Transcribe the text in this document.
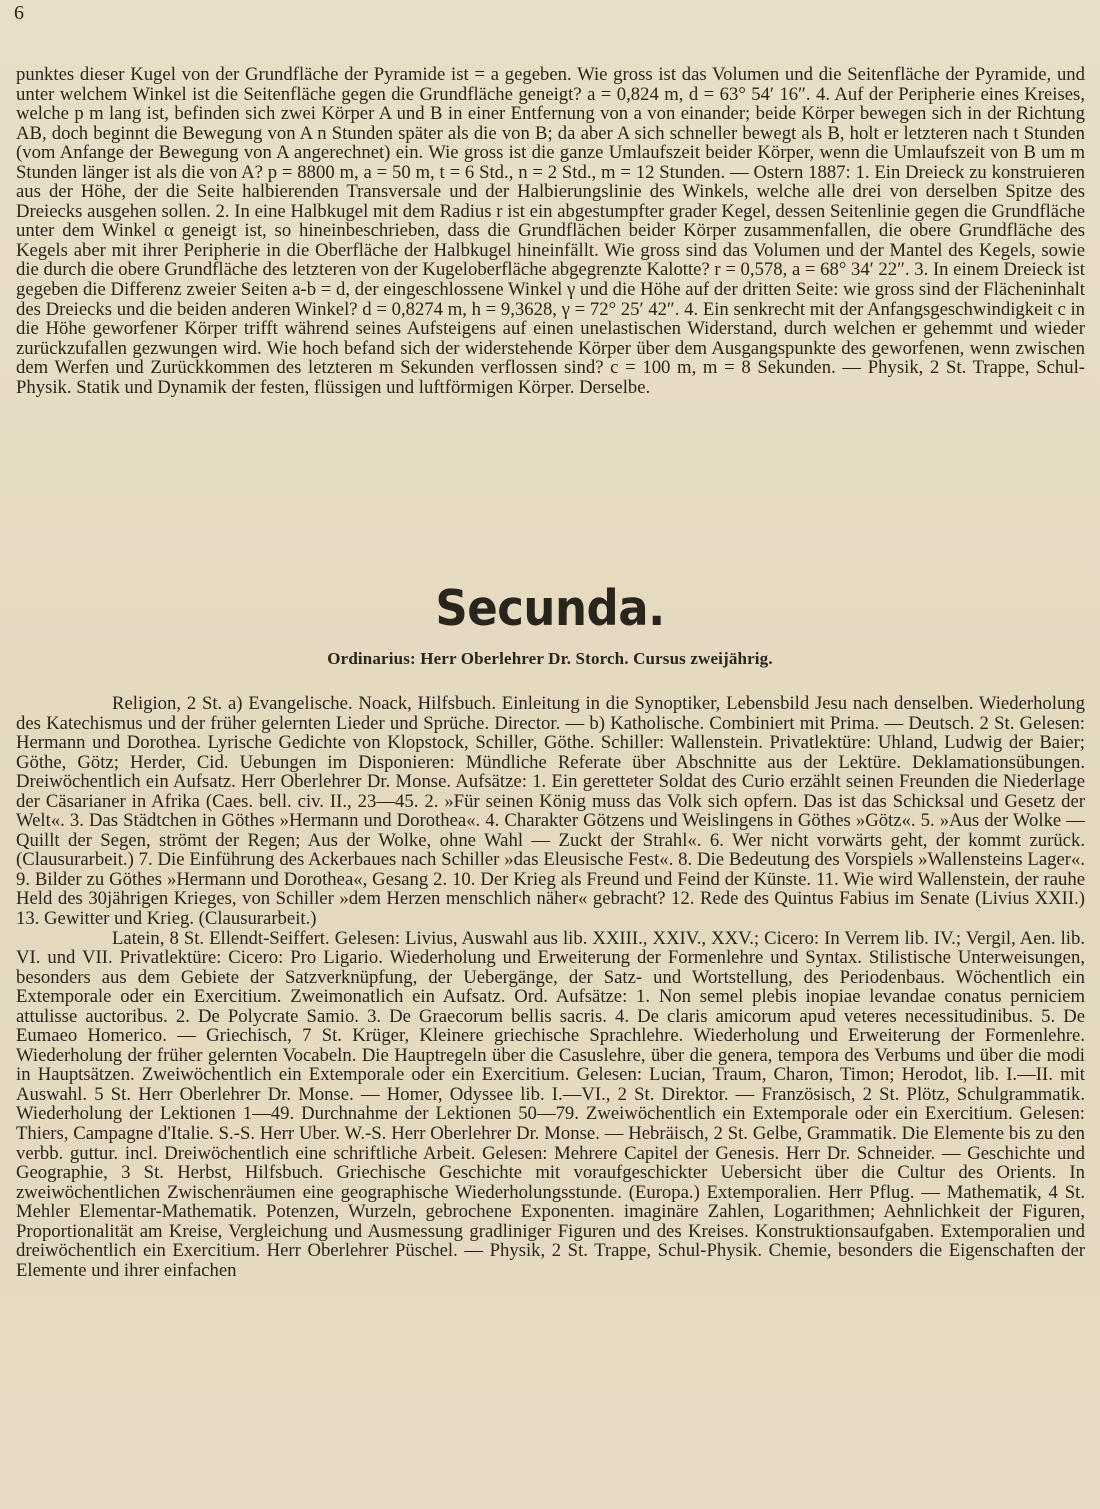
6

punktes dieser Kugel von der Grundfläche der Pyramide ist = a gegeben. Wie gross ist das Volumen und die Seitenfläche der Pyramide, und unter welchem Winkel ist die Seitenfläche gegen die Grundfläche geneigt? a = 0,824 m, d = 63° 54′ 16″. 4. Auf der Peripherie eines Kreises, welche p m lang ist, befinden sich zwei Körper A und B in einer Entfernung von a von einander; beide Körper bewegen sich in der Richtung AB, doch beginnt die Bewegung von A n Stunden später als die von B; da aber A sich schneller bewegt als B, holt er letzteren nach t Stunden (vom Anfange der Bewegung von A angerechnet) ein. Wie gross ist die ganze Umlaufszeit beider Körper, wenn die Umlaufszeit von B um m Stunden länger ist als die von A? p = 8800 m, a = 50 m, t = 6 Std., n = 2 Std., m = 12 Stunden. — Ostern 1887: 1. Ein Dreieck zu konstruieren aus der Höhe, der die Seite halbierenden Transversale und der Halbierungslinie des Winkels, welche alle drei von derselben Spitze des Dreiecks ausgehen sollen. 2. In eine Halbkugel mit dem Radius r ist ein abgestumpfter grader Kegel, dessen Seitenlinie gegen die Grundfläche unter dem Winkel α geneigt ist, so hineinbeschrieben, dass die Grundflächen beider Körper zusammenfallen, die obere Grundfläche des Kegels aber mit ihrer Peripherie in die Oberfläche der Halbkugel hineinfällt. Wie gross sind das Volumen und der Mantel des Kegels, sowie die durch die obere Grundfläche des letzteren von der Kugeloberfläche abgegrenzte Kalotte? r = 0,578, a = 68° 34′ 22″. 3. In einem Dreieck ist gegeben die Differenz zweier Seiten a-b = d, der eingeschlossene Winkel γ und die Höhe auf der dritten Seite: wie gross sind der Flächeninhalt des Dreiecks und die beiden anderen Winkel? d = 0,8274 m, h = 9,3628, γ = 72° 25′ 42″. 4. Ein senkrecht mit der Anfangsgeschwindigkeit c in die Höhe geworfener Körper trifft während seines Aufsteigens auf einen unelastischen Widerstand, durch welchen er gehemmt und wieder zurückzufallen gezwungen wird. Wie hoch befand sich der widerstehende Körper über dem Ausgangspunkte des geworfenen, wenn zwischen dem Werfen und Zurückkommen des letzteren m Sekunden verflossen sind? c = 100 m, m = 8 Sekunden. — Physik, 2 St. Trappe, Schul-Physik. Statik und Dynamik der festen, flüssigen und luftförmigen Körper. Derselbe.

Secunda.
Ordinarius: Herr Oberlehrer Dr. Storch. Cursus zweijährig.

Religion, 2 St. a) Evangelische. Noack, Hilfsbuch. Einleitung in die Synoptiker, Lebensbild Jesu nach denselben. Wiederholung des Katechismus und der früher gelernten Lieder und Sprüche. Director. — b) Katholische. Combiniert mit Prima. — Deutsch. 2 St. Gelesen: Hermann und Dorothea. Lyrische Gedichte von Klopstock, Schiller, Göthe. Schiller: Wallenstein. Privatlektüre: Uhland, Ludwig der Baier; Göthe, Götz; Herder, Cid. Uebungen im Disponieren: Mündliche Referate über Abschnitte aus der Lektüre. Deklamationsübungen. Dreiwöchentlich ein Aufsatz. Herr Oberlehrer Dr. Monse. Aufsätze: 1. Ein geretteter Soldat des Curio erzählt seinen Freunden die Niederlage der Cäsarianer in Afrika (Caes. bell. civ. II., 23—45. 2. »Für seinen König muss das Volk sich opfern. Das ist das Schicksal und Gesetz der Welt«. 3. Das Städtchen in Göthes »Hermann und Dorothea«. 4. Charakter Götzens und Weislingens in Göthes »Götz«. 5. »Aus der Wolke — Quillt der Segen, strömt der Regen; Aus der Wolke, ohne Wahl — Zuckt der Strahl«. 6. Wer nicht vorwärts geht, der kommt zurück. (Clausurarbeit.) 7. Die Einführung des Ackerbaues nach Schiller »das Eleusische Fest«. 8. Die Bedeutung des Vorspiels »Wallensteins Lager«. 9. Bilder zu Göthes »Hermann und Dorothea«, Gesang 2. 10. Der Krieg als Freund und Feind der Künste. 11. Wie wird Wallenstein, der rauhe Held des 30jährigen Krieges, von Schiller »dem Herzen menschlich näher« gebracht? 12. Rede des Quintus Fabius im Senate (Livius XXII.) 13. Gewitter und Krieg. (Clausurarbeit.)

Latein, 8 St. Ellendt-Seiffert. Gelesen: Livius, Auswahl aus lib. XXIII., XXIV., XXV.; Cicero: In Verrem lib. IV.; Vergil, Aen. lib. VI. und VII. Privatlektüre: Cicero: Pro Ligario. Wiederholung und Erweiterung der Formenlehre und Syntax. Stilistische Unterweisungen, besonders aus dem Gebiete der Satzverknüpfung, der Uebergänge, der Satz- und Wortstellung, des Periodenbaus. Wöchentlich ein Extemporale oder ein Exercitium. Zweimonatlich ein Aufsatz. Ord. Aufsätze: 1. Non semel plebis inopiae levandae conatus perniciem attulisse auctoribus. 2. De Polycrate Samio. 3. De Graecorum bellis sacris. 4. De claris amicorum apud veteres necessitudinibus. 5. De Eumaeo Homerico. — Griechisch, 7 St. Krüger, Kleinere griechische Sprachlehre. Wiederholung und Erweiterung der Formenlehre. Wiederholung der früher gelernten Vocabeln. Die Hauptregeln über die Casuslehre, über die genera, tempora des Verbums und über die modi in Hauptsätzen. Zweiwöchentlich ein Extemporale oder ein Exercitium. Gelesen: Lucian, Traum, Charon, Timon; Herodot, lib. I.—II. mit Auswahl. 5 St. Herr Oberlehrer Dr. Monse. — Homer, Odyssee lib. I.—VI., 2 St. Direktor. — Französisch, 2 St. Plötz, Schulgrammatik. Wiederholung der Lektionen 1—49. Durchnahme der Lektionen 50—79. Zweiwöchentlich ein Extemporale oder ein Exercitium. Gelesen: Thiers, Campagne d'Italie. S.-S. Herr Uber. W.-S. Herr Oberlehrer Dr. Monse. — Hebräisch, 2 St. Gelbe, Grammatik. Die Elemente bis zu den verbb. guttur. incl. Dreiwöchentlich eine schriftliche Arbeit. Gelesen: Mehrere Capitel der Genesis. Herr Dr. Schneider. — Geschichte und Geographie, 3 St. Herbst, Hilfsbuch. Griechische Geschichte mit voraufgeschickter Uebersicht über die Cultur des Orients. In zweiwöchentlichen Zwischenräumen eine geographische Wiederholungsstunde. (Europa.) Extemporalien. Herr Pflug. — Mathematik, 4 St. Mehler Elementar-Mathematik. Potenzen, Wurzeln, gebrochene Exponenten. imaginäre Zahlen, Logarithmen; Aehnlichkeit der Figuren, Proportionalität am Kreise, Vergleichung und Ausmessung gradliniger Figuren und des Kreises. Konstruktionsaufgaben. Extemporalien und dreiwöchentlich ein Exercitium. Herr Oberlehrer Püschel. — Physik, 2 St. Trappe, Schul-Physik. Chemie, besonders die Eigenschaften der Elemente und ihrer einfachen
